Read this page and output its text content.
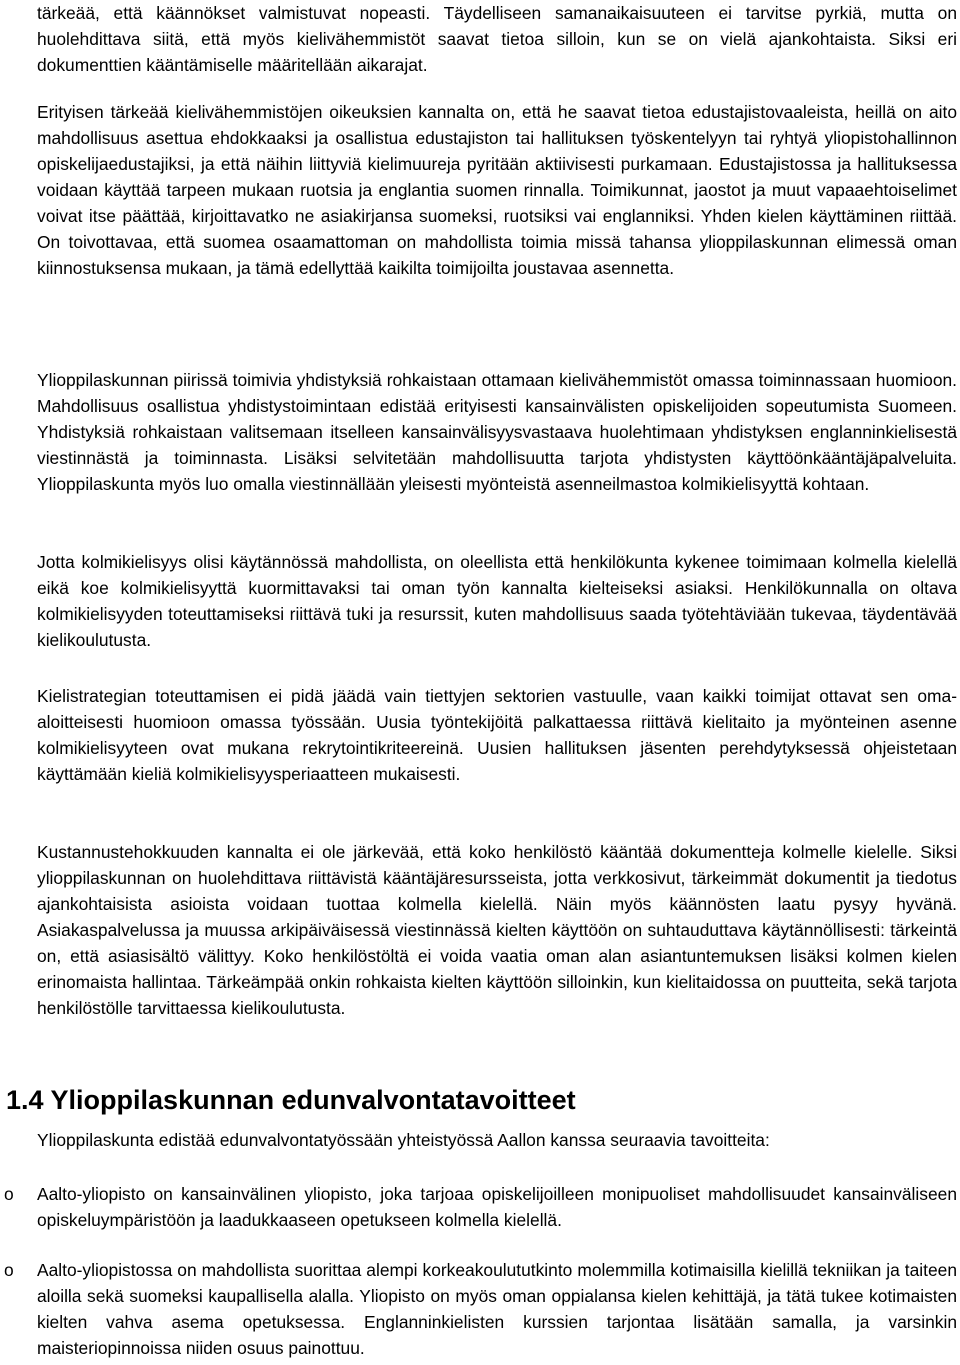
tärkeää, että käännökset valmistuvat nopeasti. Täydelliseen samanaikaisuuteen ei tarvitse pyrkiä, mutta on huolehdittava siitä, että myös kielivähemmistöt saavat tietoa silloin, kun se on vielä ajankohtaista. Siksi eri dokumenttien kääntämiselle määritellään aikarajat.

Erityisen tärkeää kielivähemmistöjen oikeuksien kannalta on, että he saavat tietoa edustajistovaaleista, heillä on aito mahdollisuus asettua ehdokkaaksi ja osallistua edustajiston tai hallituksen työskentelyyn tai ryhtyä yliopistohallinnon opiskelijaedustajiksi, ja että näihin liittyviä kielimuureja pyritään aktiivisesti purkamaan. Edustajistossa ja hallituksessa voidaan käyttää tarpeen mukaan ruotsia ja englantia suomen rinnalla. Toimikunnat, jaostot ja muut vapaaehtoiselimet voivat itse päättää, kirjoittavatko ne asiakirjansa suomeksi, ruotsiksi vai englanniksi. Yhden kielen käyttäminen riittää. On toivottavaa, että suomea osaamattoman on mahdollista toimia missä tahansa ylioppilaskunnan elimessä oman kiinnostuksensa mukaan, ja tämä edellyttää kaikilta toimijoilta joustavaa asennetta.

Ylioppilaskunnan piirissä toimivia yhdistyksiä rohkaistaan ottamaan kielivähemmistöt omassa toiminnassaan huomioon. Mahdollisuus osallistua yhdistystoimintaan edistää erityisesti kansainvälisten opiskelijoiden sopeutumista Suomeen. Yhdistyksiä rohkaistaan valitsemaan itselleen kansainvälisyysvastaava huolehtimaan yhdistyksen englanninkielisestä viestinnästä ja toiminnasta. Lisäksi selvitetään mahdollisuutta tarjota yhdistysten käyttöönkääntäjäpalveluita. Ylioppilaskunta myös luo omalla viestinnällään yleisesti myönteistä asenneilmastoa kolmikielisyyttä kohtaan.

Jotta kolmikielisyys olisi käytännössä mahdollista, on oleellista että henkilökunta kykenee toimimaan kolmella kielellä eikä koe kolmikielisyyttä kuormittavaksi tai oman työn kannalta kielteiseksi asiaksi. Henkilökunnalla on oltava kolmikielisyyden toteuttamiseksi riittävä tuki ja resurssit, kuten mahdollisuus saada työtehtäviään tukevaa, täydentävää kielikoulutusta.

Kielistrategian toteuttamisen ei pidä jäädä vain tiettyjen sektorien vastuulle, vaan kaikki toimijat ottavat sen oma-aloitteisesti huomioon omassa työssään. Uusia työntekijöitä palkattaessa riittävä kielitaito ja myönteinen asenne kolmikielisyyteen ovat mukana rekrytointikriteereinä. Uusien hallituksen jäsenten perehdytyksessä ohjeistetaan käyttämään kieliä kolmikielisyysperiaatteen mukaisesti.

Kustannustehokkuuden kannalta ei ole järkevää, että koko henkilöstö kääntää dokumentteja kolmelle kielelle. Siksi ylioppilaskunnan on huolehdittava riittävistä kääntäjäresursseista, jotta verkkosivut, tärkeimmät dokumentit ja tiedotus ajankohtaisista asioista voidaan tuottaa kolmella kielellä. Näin myös käännösten laatu pysyy hyvänä. Asiakaspalvelussa ja muussa arkipäiväisessä viestinnässä kielten käyttöön on suhtauduttava käytännöllisesti: tärkeintä on, että asiasisältö välittyy. Koko henkilöstöltä ei voida vaatia oman alan asiantuntemuksen lisäksi kolmen kielen erinomaista hallintaa. Tärkeämpää onkin rohkaista kielten käyttöön silloinkin, kun kielitaidossa on puutteita, sekä tarjota henkilöstölle tarvittaessa kielikoulutusta.

1.4 Ylioppilaskunnan edunvalvontatavoitteet

Ylioppilaskunta edistää edunvalvontatyössään yhteistyössä Aallon kanssa seuraavia tavoitteita:

o Aalto-yliopisto on kansainvälinen yliopisto, joka tarjoaa opiskelijoilleen monipuoliset mahdollisuudet kansainväliseen opiskeluympäristöön ja laadukkaaseen opetukseen kolmella kielellä.

o Aalto-yliopistossa on mahdollista suorittaa alempi korkeakoulututkinto molemmilla kotimaisilla kielillä tekniikan ja taiteen aloilla sekä suomeksi kaupallisella alalla. Yliopisto on myös oman oppialansa kielen kehittäjä, ja tätä tukee kotimaisten kielten vahva asema opetuksessa. Englanninkielisten kurssien tarjontaa lisätään samalla, ja varsinkin maisteriopinnoissa niiden osuus painottuu.
